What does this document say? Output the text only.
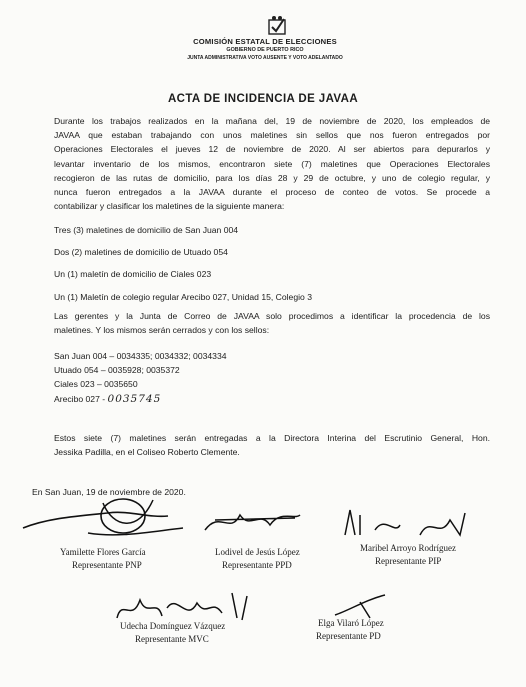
COMISIÓN ESTATAL DE ELECCIONES
GOBIERNO DE PUERTO RICO
JUNTA ADMINISTRATIVA VOTO AUSENTE Y VOTO ADELANTADO
ACTA DE INCIDENCIA DE JAVAA
Durante los trabajos realizados en la mañana del, 19 de noviembre de 2020, los empleados de
JAVAA que estaban trabajando con unos maletines sin sellos que nos fueron entregados por
Operaciones Electorales el jueves 12 de noviembre de 2020. Al ser abiertos para depurarlos y
levantar inventario de los mismos, encontraron siete (7) maletines que Operaciones Electorales
recogieron de las rutas de domicilio, para los días 28 y 29 de octubre, y uno de colegio regular, y
nunca fueron entregados a la JAVAA durante el proceso de conteo de votos. Se procede a
contabilizar y clasificar los maletines de la siguiente manera:
Tres (3) maletines de domicilio de San Juan 004
Dos (2) maletines de domicilio de Utuado 054
Un (1) maletín de domicilio de Ciales 023
Un (1) Maletín de colegio regular Arecibo 027, Unidad 15, Colegio 3
Las gerentes y la Junta de Correo de JAVAA solo procedimos a identificar la procedencia de los
maletines. Y los mismos serán cerrados y con los sellos:
San Juan 004 – 0034335; 0034332; 0034334
Utuado 054 – 0035928; 0035372
Ciales 023 – 0035650
Arecibo 027 - 0035745
Estos siete (7) maletines serán entregadas a la Directora Interina del Escrutinio General, Hon.
Jessika Padilla, en el Coliseo Roberto Clemente.
En San Juan, 19 de noviembre de 2020.
Yamilette Flores García
Representante PNP
Lodivel de Jesús López
Representante PPD
Maribel Arroyo Rodríguez
Representante PIP
Udecha Domínguez Vázquez
Representante MVC
Elga Vilaró López
Representante PD
